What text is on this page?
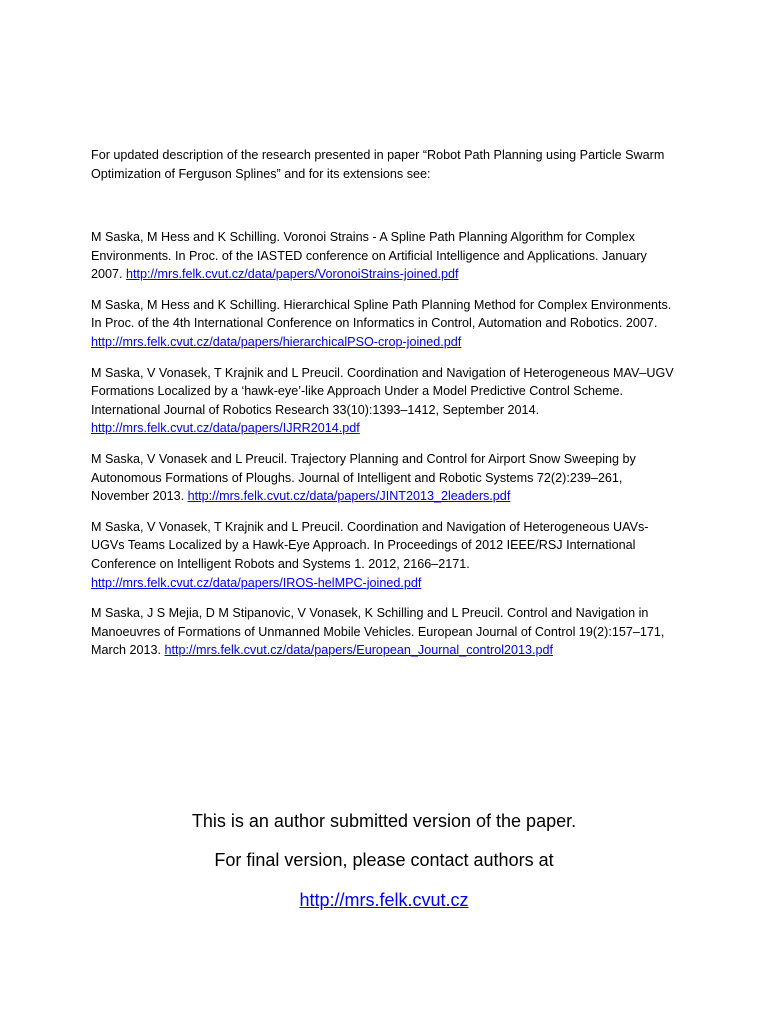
For updated description of the research presented in paper “Robot Path Planning using Particle Swarm Optimization of Ferguson Splines” and for its extensions see:

M Saska, M Hess and K Schilling. Voronoi Strains - A Spline Path Planning Algorithm for Complex Environments. In Proc. of the IASTED conference on Artificial Intelligence and Applications. January 2007. http://mrs.felk.cvut.cz/data/papers/VoronoiStrains-joined.pdf

M Saska, M Hess and K Schilling. Hierarchical Spline Path Planning Method for Complex Environments. In Proc. of the 4th International Conference on Informatics in Control, Automation and Robotics. 2007. http://mrs.felk.cvut.cz/data/papers/hierarchicalPSO-crop-joined.pdf

M Saska, V Vonasek, T Krajnik and L Preucil. Coordination and Navigation of Heterogeneous MAV–UGV Formations Localized by a ‘hawk-eye’-like Approach Under a Model Predictive Control Scheme. International Journal of Robotics Research 33(10):1393–1412, September 2014. http://mrs.felk.cvut.cz/data/papers/IJRR2014.pdf

M Saska, V Vonasek and L Preucil. Trajectory Planning and Control for Airport Snow Sweeping by Autonomous Formations of Ploughs. Journal of Intelligent and Robotic Systems 72(2):239–261, November 2013. http://mrs.felk.cvut.cz/data/papers/JINT2013_2leaders.pdf

M Saska, V Vonasek, T Krajnik and L Preucil. Coordination and Navigation of Heterogeneous UAVs-UGVs Teams Localized by a Hawk-Eye Approach. In Proceedings of 2012 IEEE/RSJ International Conference on Intelligent Robots and Systems 1. 2012, 2166–2171. http://mrs.felk.cvut.cz/data/papers/IROS-helMPC-joined.pdf

M Saska, J S Mejia, D M Stipanovic, V Vonasek, K Schilling and L Preucil. Control and Navigation in Manoeuvres of Formations of Unmanned Mobile Vehicles. European Journal of Control 19(2):157–171, March 2013. http://mrs.felk.cvut.cz/data/papers/European_Journal_control2013.pdf

This is an author submitted version of the paper.

For final version, please contact authors at

http://mrs.felk.cvut.cz
